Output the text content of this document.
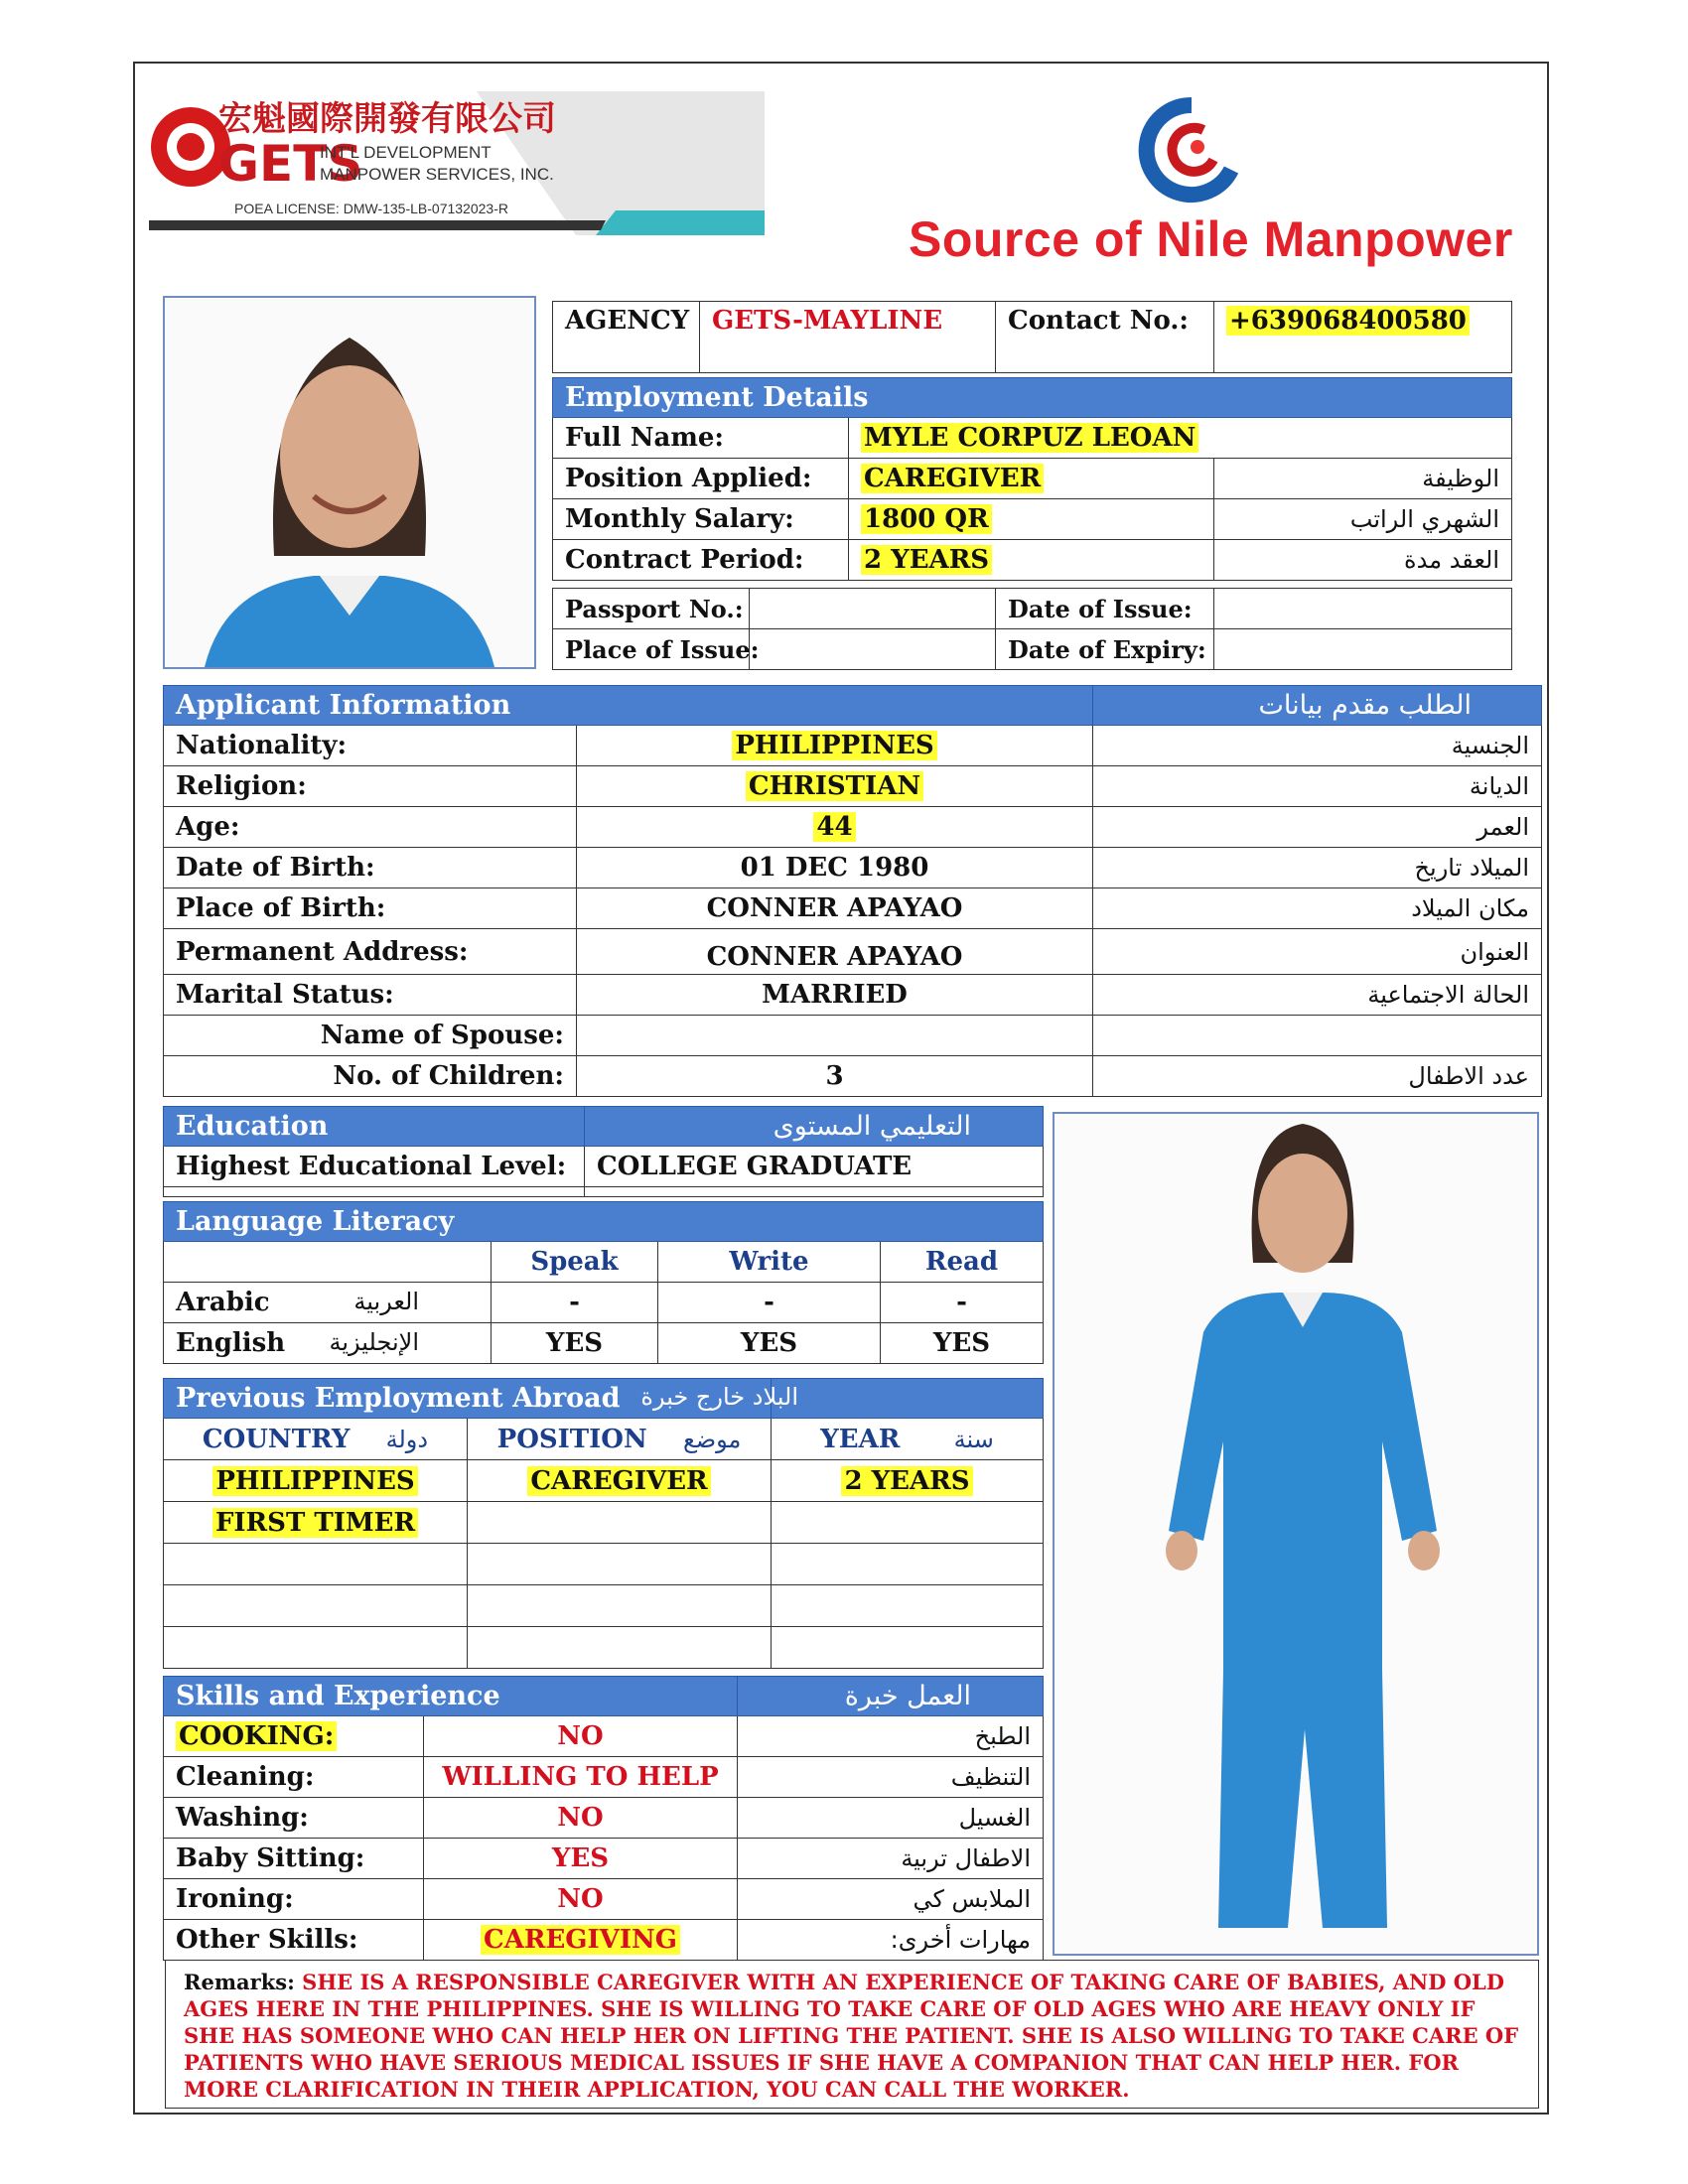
宏魁國際開發有限公司
GETS
INT'L DEVELOPMENT
MANPOWER SERVICES, INC.
POEA LICENSE: DMW-135-LB-07132023-R
Source of Nile Manpower
AGENCY	GETS-MAYLINE	Contact No.:	+639068400580
Employment Details		
Full Name:	MYLE CORPUZ LEOAN	
Position Applied:	CAREGIVER	الوظيفة
Monthly Salary:	1800 QR	الشهري الراتب
Contract Period:	2 YEARS	العقد مدة
Passport No.:		Date of Issue:	
Place of Issue:		Date of Expiry:	
Applicant Information		الطلب مقدم بيانات
Nationality:	PHILIPPINES	الجنسية
Religion:	CHRISTIAN	الديانة
Age:	44	العمر
Date of Birth:	01 DEC 1980	الميلاد تاريخ
Place of Birth:	CONNER APAYAO	مكان الميلاد
Permanent Address:	CONNER APAYAO	العنوان
Marital Status:	MARRIED	الحالة الاجتماعية
Name of Spouse:		
No. of Children:	3	عدد الاطفال
Education	التعليمي المستوى
Highest Educational Level:	COLLEGE GRADUATE

Language Literacy			
	Speak	Write	Read
Arabic العربية	-	-	-
English الإنجليزية	YES	YES	YES
Previous Employment Abroad البلاد خارج خبرة		

COUNTRY دولة	POSITION موضع	YEAR سنة
PHILIPPINES	CAREGIVER	2 YEARS
FIRST TIMER		

Skills and Experience		العمل خبرة
COOKING:	NO	الطبخ
Cleaning:	WILLING TO HELP	التنظيف
Washing:	NO	الغسيل
Baby Sitting:	YES	الاطفال تربية
Ironing:	NO	الملابس كي
Other Skills:	CAREGIVING	مهارات أخرى:
Remarks: SHE IS A RESPONSIBLE CAREGIVER WITH AN EXPERIENCE OF TAKING CARE OF BABIES, AND OLD AGES HERE IN THE PHILIPPINES. SHE IS WILLING TO TAKE CARE OF OLD AGES WHO ARE HEAVY ONLY IF SHE HAS SOMEONE WHO CAN HELP HER ON LIFTING THE PATIENT. SHE IS ALSO WILLING TO TAKE CARE OF PATIENTS WHO HAVE SERIOUS MEDICAL ISSUES IF SHE HAVE A COMPANION THAT CAN HELP HER. FOR MORE CLARIFICATION IN THEIR APPLICATION, YOU CAN CALL THE WORKER.
